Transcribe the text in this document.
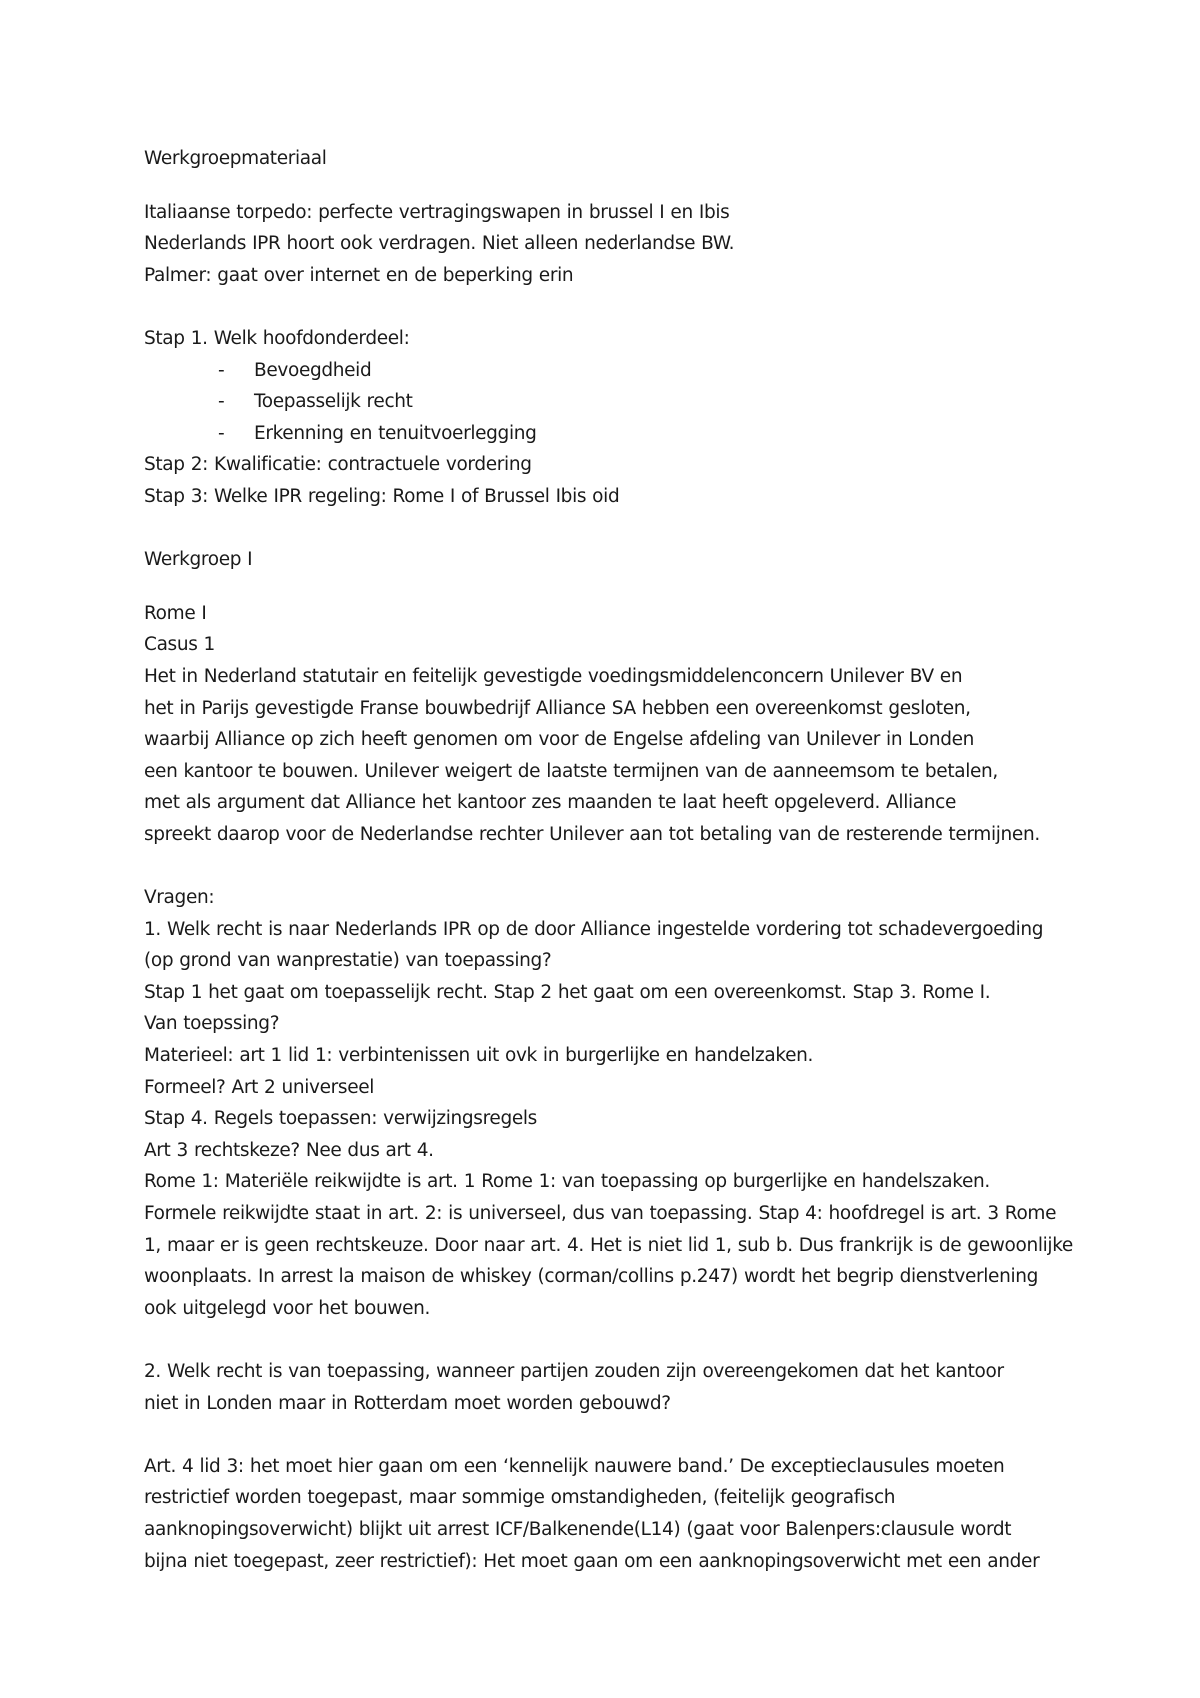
Werkgroepmateriaal
Italiaanse torpedo: perfecte vertragingswapen in brussel I en Ibis
Nederlands IPR hoort ook verdragen. Niet alleen nederlandse BW.
Palmer: gaat over internet en de beperking erin
Stap 1. Welk hoofdonderdeel:
- Bevoegdheid
- Toepasselijk recht
- Erkenning en tenuitvoerlegging
Stap 2: Kwalificatie: contractuele vordering
Stap 3: Welke IPR regeling: Rome I of Brussel Ibis oid
Werkgroep I
Rome I
Casus 1
Het in Nederland statutair en feitelijk gevestigde voedingsmiddelenconcern Unilever BV en
het in Parijs gevestigde Franse bouwbedrijf Alliance SA hebben een overeenkomst gesloten,
waarbij Alliance op zich heeft genomen om voor de Engelse afdeling van Unilever in Londen
een kantoor te bouwen. Unilever weigert de laatste termijnen van de aanneemsom te betalen,
met als argument dat Alliance het kantoor zes maanden te laat heeft opgeleverd. Alliance
spreekt daarop voor de Nederlandse rechter Unilever aan tot betaling van de resterende termijnen.
Vragen:
1. Welk recht is naar Nederlands IPR op de door Alliance ingestelde vordering tot schadevergoeding
(op grond van wanprestatie) van toepassing?
Stap 1 het gaat om toepasselijk recht. Stap 2 het gaat om een overeenkomst. Stap 3. Rome I.
Van toepssing?
Materieel: art 1 lid 1: verbintenissen uit ovk in burgerlijke en handelzaken.
Formeel? Art 2 universeel
Stap 4. Regels toepassen: verwijzingsregels
Art 3 rechtskeze? Nee dus art 4.
Rome 1: Materiële reikwijdte is art. 1 Rome 1: van toepassing op burgerlijke en handelszaken.
Formele reikwijdte staat in art. 2: is universeel, dus van toepassing. Stap 4: hoofdregel is art. 3 Rome
1, maar er is geen rechtskeuze. Door naar art. 4. Het is niet lid 1, sub b. Dus frankrijk is de gewoonlijke
woonplaats. In arrest la maison de whiskey (corman/collins p.247) wordt het begrip dienstverlening
ook uitgelegd voor het bouwen.
2. Welk recht is van toepassing, wanneer partijen zouden zijn overeengekomen dat het kantoor
niet in Londen maar in Rotterdam moet worden gebouwd?
Art. 4 lid 3: het moet hier gaan om een ‘kennelijk nauwere band.’ De exceptieclausules moeten
restrictief worden toegepast, maar sommige omstandigheden, (feitelijk geografisch
aanknopingsoverwicht) blijkt uit arrest ICF/Balkenende(L14) (gaat voor Balenpers:clausule wordt
bijna niet toegepast, zeer restrictief): Het moet gaan om een aanknopingsoverwicht met een ander
